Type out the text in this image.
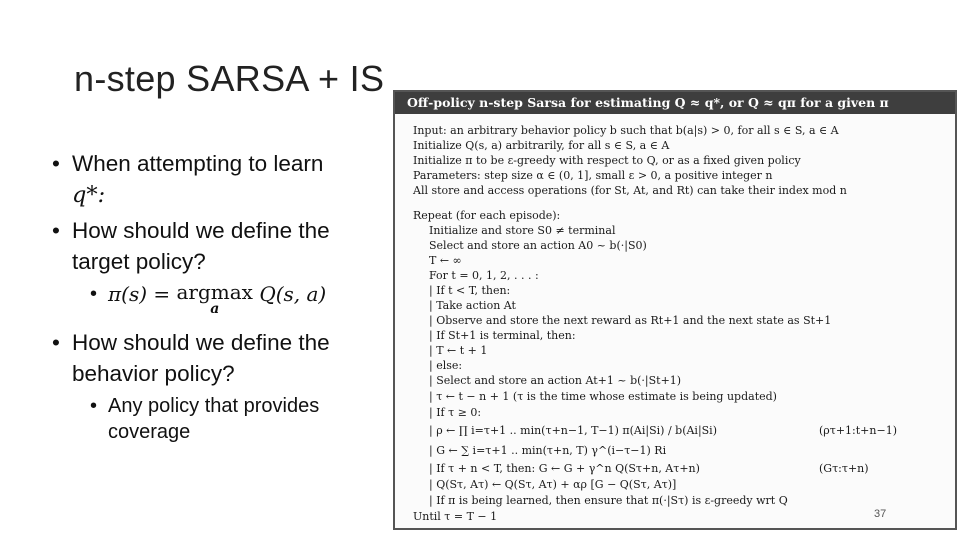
n-step SARSA + IS
• When attempting to learn
q*:
• How should we define the target policy?
• π(s) = argmax
a
Q(s, a)
• How should we define the behavior policy?
• Any policy that provides coverage
Off-policy n-step Sarsa for estimating Q ≈ q*, or Q ≈ qπ for a given π
Input: an arbitrary behavior policy b such that b(a|s) > 0, for all s ∈ S, a ∈ A
Initialize Q(s, a) arbitrarily, for all s ∈ S, a ∈ A
Initialize π to be ε-greedy with respect to Q, or as a fixed given policy
Parameters: step size α ∈ (0, 1], small ε > 0, a positive integer n
All store and access operations (for St, At, and Rt) can take their index mod n
Repeat (for each episode):
Initialize and store S0 ≠ terminal
Select and store an action A0 ~ b(·|S0)
T ← ∞
For t = 0, 1, 2, . . . :
| If t < T, then:
| Take action At
| Observe and store the next reward as Rt+1 and the next state as St+1
| If St+1 is terminal, then:
| T ← t + 1
| else:
| Select and store an action At+1 ~ b(·|St+1)
| τ ← t − n + 1 (τ is the time whose estimate is being updated)
| If τ ≥ 0:
| ρ ← ∏ i=τ+1 .. min(τ+n−1, T−1) π(Ai|Si) / b(Ai|Si)	(ρτ+1:t+n−1)
| G ← ∑ i=τ+1 .. min(τ+n, T) γ^(i−τ−1) Ri
| If τ + n < T, then: G ← G + γ^n Q(Sτ+n, Aτ+n)	(Gτ:τ+n)
| Q(Sτ, Aτ) ← Q(Sτ, Aτ) + αρ [G − Q(Sτ, Aτ)]
| If π is being learned, then ensure that π(·|Sτ) is ε-greedy wrt Q
Until τ = T − 1	37
